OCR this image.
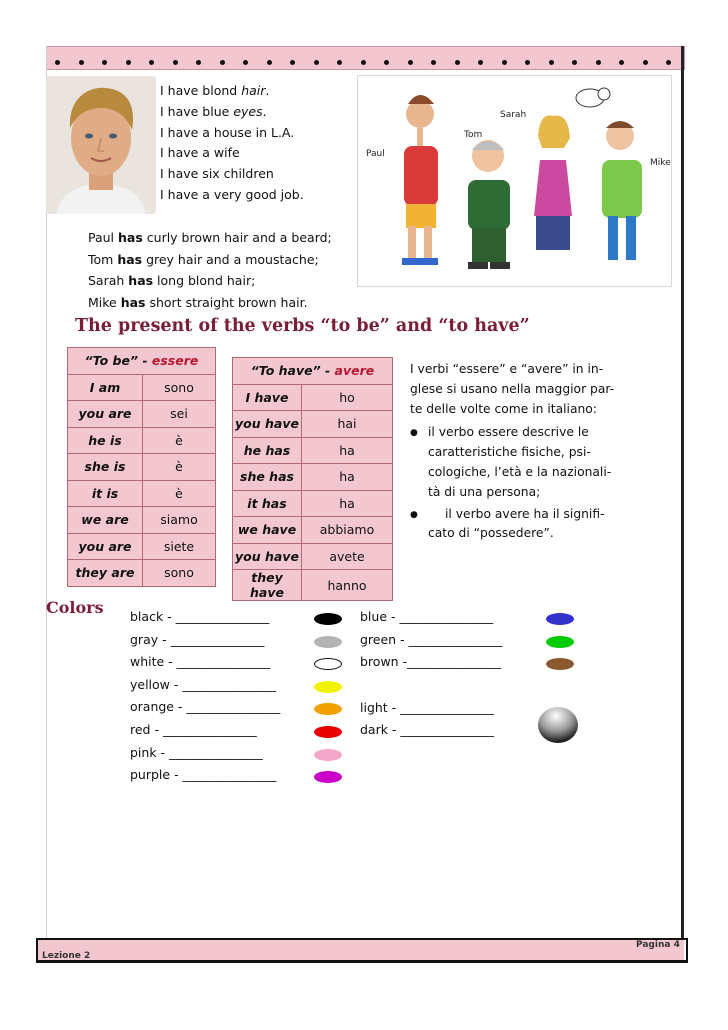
I have blond hair.
I have blue eyes.
I have a house in L.A.
I have a wife
I have six children
I have a very good job.
Sarah
Tom
Paul
Mike
Paul has curly brown hair and a beard;
Tom has grey hair and a moustache;
Sarah has long blond hair;
Mike has short straight brown hair.
The present of the verbs “to be” and “to have”
“To be” - essere	
I am	sono
you are	sei
he is	è
she is	è
it is	è
we are	siamo
you are	siete
they are	sono
“To have” - avere	
I have	ho
you have	hai
he has	ha
she has	ha
it has	ha
we have	abbiamo
you have	avete
they have	hanno
I verbi “essere” e “avere” in in-
glese si usano nella maggior par-
te delle volte come in italiano:
● il verbo essere descrive le
caratteristiche fisiche, psi-
cologiche, l’età e la nazionali-
tà di una persona;
● il verbo avere ha il signifi-
cato di “possedere”.
Colors black - _______________
gray - _______________
white - _______________
yellow - _______________
orange - _______________
red - _______________
pink - _______________
purple - _______________
blue - _______________
green - _______________
brown -_______________
light - _______________
dark - _______________
Lezione 2
Pagina 4
